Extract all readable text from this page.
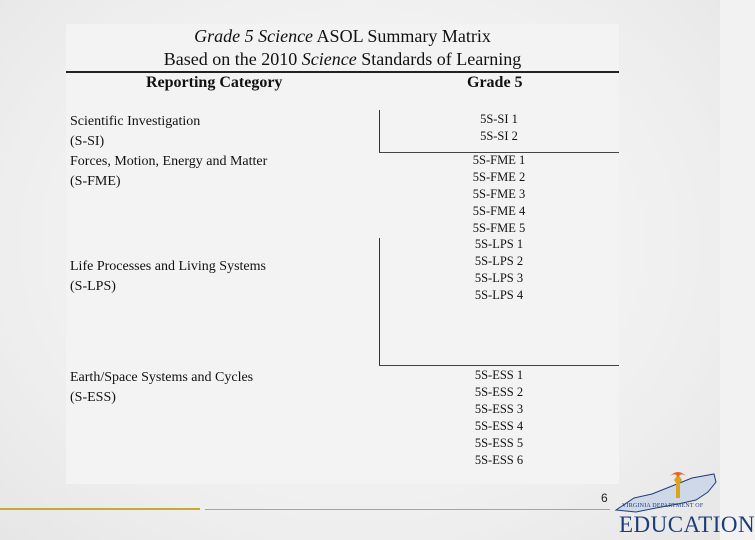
Grade 5 Science ASOL Summary Matrix
Based on the 2010 Science Standards of Learning
Reporting Category	Grade 5
Scientific Investigation
(S-SI)
Forces, Motion, Energy and Matter
(S-FME)
Life Processes and Living Systems
(S-LPS)
Earth/Space Systems and Cycles
(S-ESS)
5S-SI 1
5S-SI 2
5S-FME 1
5S-FME 2
5S-FME 3
5S-FME 4
5S-FME 5
5S-LPS 1
5S-LPS 2
5S-LPS 3
5S-LPS 4
5S-ESS 1
5S-ESS 2
5S-ESS 3
5S-ESS 4
5S-ESS 5
5S-ESS 6
6
VIRGINIA DEPARTMENT OF
EDUCATION
